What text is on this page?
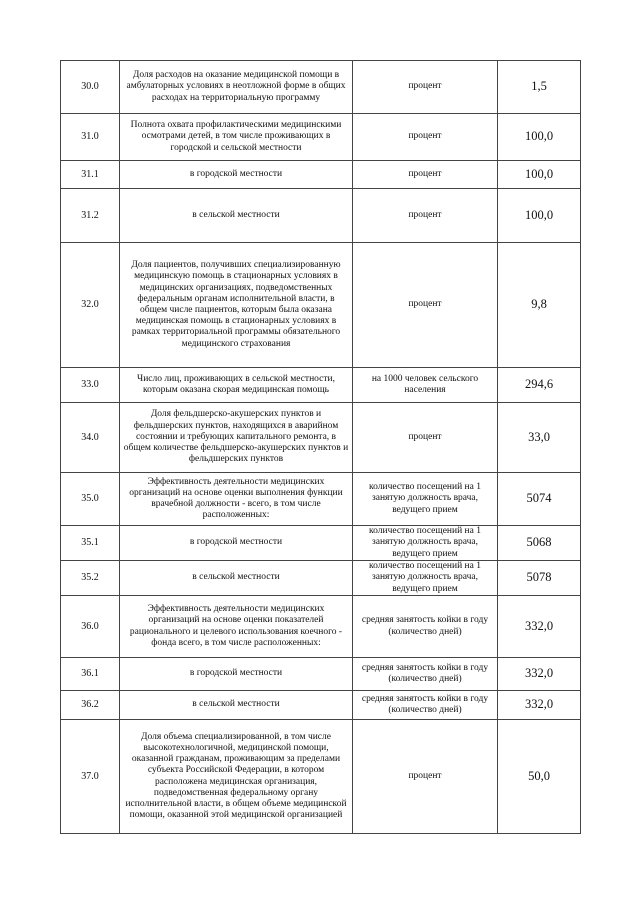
30.0	Доля расходов на оказание медицинской помощи в амбулаторных условиях в неотложной форме в общих расходах на территориальную программу	процент	1,5
31.0	Полнота охвата профилактическими медицинскими осмотрами детей, в том числе проживающих в городской и сельской местности	процент	100,0
31.1	в городской местности	процент	100,0
31.2	в сельской местности	процент	100,0
32.0	Доля пациентов, получивших специализированную медицинскую помощь в стационарных условиях в медицинских организациях, подведомственных федеральным органам исполнительной власти, в общем числе пациентов, которым была оказана медицинская помощь в стационарных условиях в рамках территориальной программы обязательного медицинского страхования	процент	9,8
33.0	Число лиц, проживающих в сельской местности, которым оказана скорая медицинская помощь	на 1000 человек сельского населения	294,6
34.0	Доля фельдшерско-акушерских пунктов и фельдшерских пунктов, находящихся в аварийном состоянии и требующих капитального ремонта, в общем количестве фельдшерско-акушерских пунктов и фельдшерских пунктов	процент	33,0
35.0	Эффективность деятельности медицинских организаций на основе оценки выполнения функции врачебной должности - всего, в том числе расположенных:	количество посещений на 1 занятую должность врача, ведущего прием	5074
35.1	в городской местности	количество посещений на 1 занятую должность врача, ведущего прием	5068
35.2	в сельской местности	количество посещений на 1 занятую должность врача, ведущего прием	5078
36.0	Эффективность деятельности медицинских организаций на основе оценки показателей рационального и целевого использования коечного - фонда всего, в том числе расположенных:	средняя занятость койки в году (количество дней)	332,0
36.1	в городской местности	средняя занятость койки в году (количество дней)	332,0
36.2	в сельской местности	средняя занятость койки в году (количество дней)	332,0
37.0	Доля объема специализированной, в том числе высокотехнологичной, медицинской помощи, оказанной гражданам, проживающим за пределами субъекта Российской Федерации, в котором расположена медицинская организация, подведомственная федеральному органу исполнительной власти, в общем объеме медицинской помощи, оказанной этой медицинской организацией	процент	50,0
